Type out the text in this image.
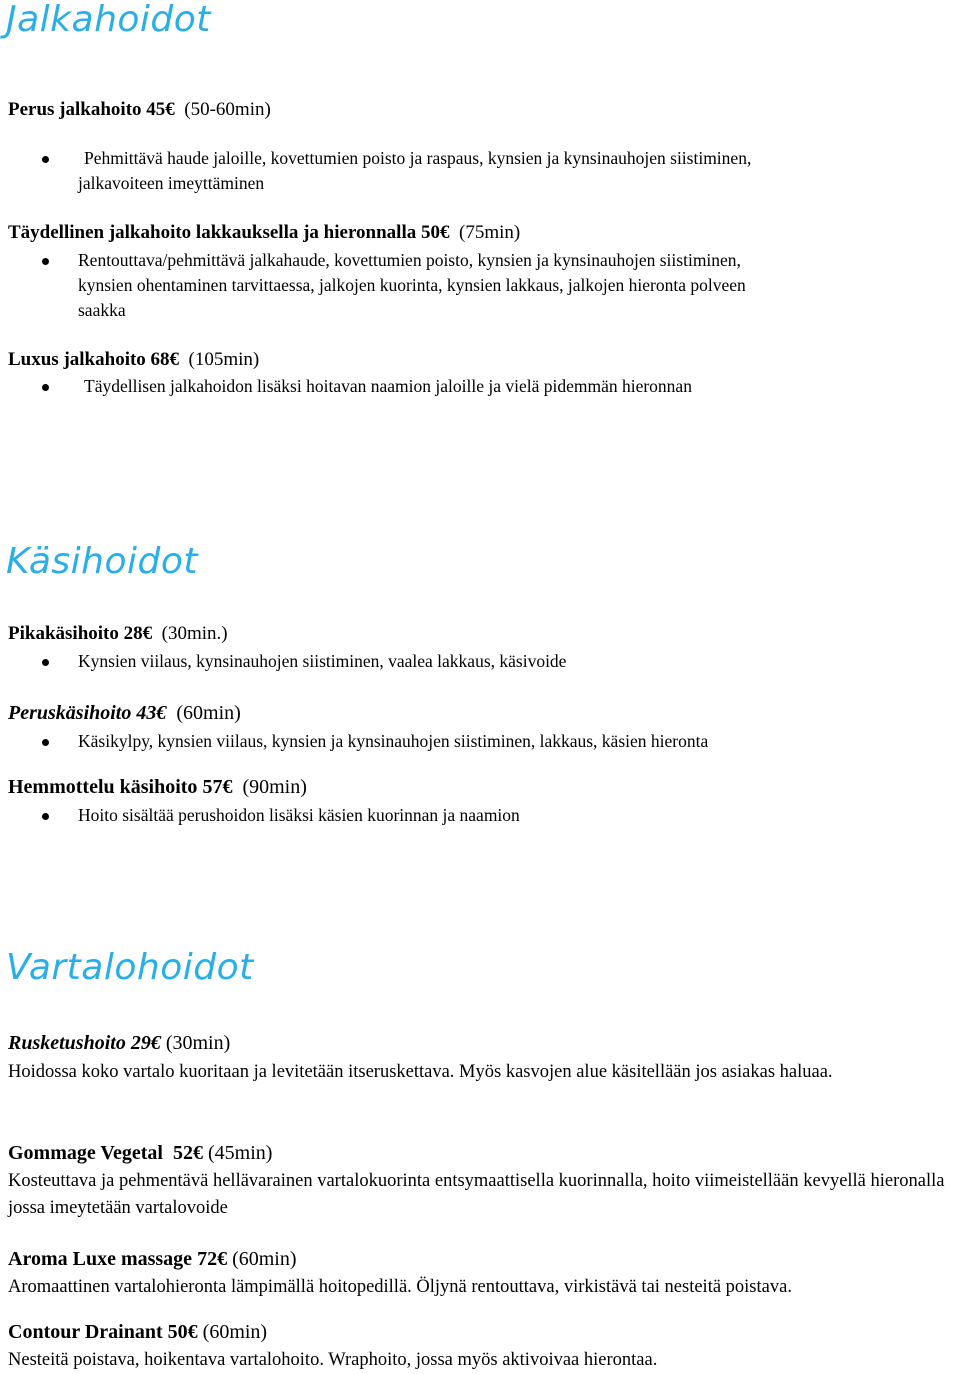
Jalkahoidot
Perus jalkahoito 45€ (50-60min)
Pehmittävä haude jaloille, kovettumien poisto ja raspaus, kynsien ja kynsinauhojen siistiminen,
jalkavoiteen imeyttäminen
Täydellinen jalkahoito lakkauksella ja hieronnalla 50€ (75min)
Rentouttava/pehmittävä jalkahaude, kovettumien poisto, kynsien ja kynsinauhojen siistiminen,
kynsien ohentaminen tarvittaessa, jalkojen kuorinta, kynsien lakkaus, jalkojen hieronta polveen
saakka
Luxus jalkahoito 68€ (105min)
Täydellisen jalkahoidon lisäksi hoitavan naamion jaloille ja vielä pidemmän hieronnan
Käsihoidot
Pikakäsihoito 28€ (30min.)
Kynsien viilaus, kynsinauhojen siistiminen, vaalea lakkaus, käsivoide
Peruskäsihoito 43€ (60min)
Käsikylpy, kynsien viilaus, kynsien ja kynsinauhojen siistiminen, lakkaus, käsien hieronta
Hemmottelu käsihoito 57€ (90min)
Hoito sisältää perushoidon lisäksi käsien kuorinnan ja naamion
Vartalohoidot
Rusketushoito 29€ (30min)
Hoidossa koko vartalo kuoritaan ja levitetään itseruskettava. Myös kasvojen alue käsitellään jos asiakas haluaa.
Gommage Vegetal 52€ (45min)
Kosteuttava ja pehmentävä hellävarainen vartalokuorinta entsymaattisella kuorinnalla, hoito viimeistellään kevyellä hieronalla jossa imeytetään vartalovoide
Aroma Luxe massage 72€ (60min)
Aromaattinen vartalohieronta lämpimällä hoitopedillä. Öljynä rentouttava, virkistävä tai nesteitä poistava.
Contour Drainant 50€ (60min)
Nesteitä poistava, hoikentava vartalohoito. Wraphoito, jossa myös aktivoivaa hierontaa.
